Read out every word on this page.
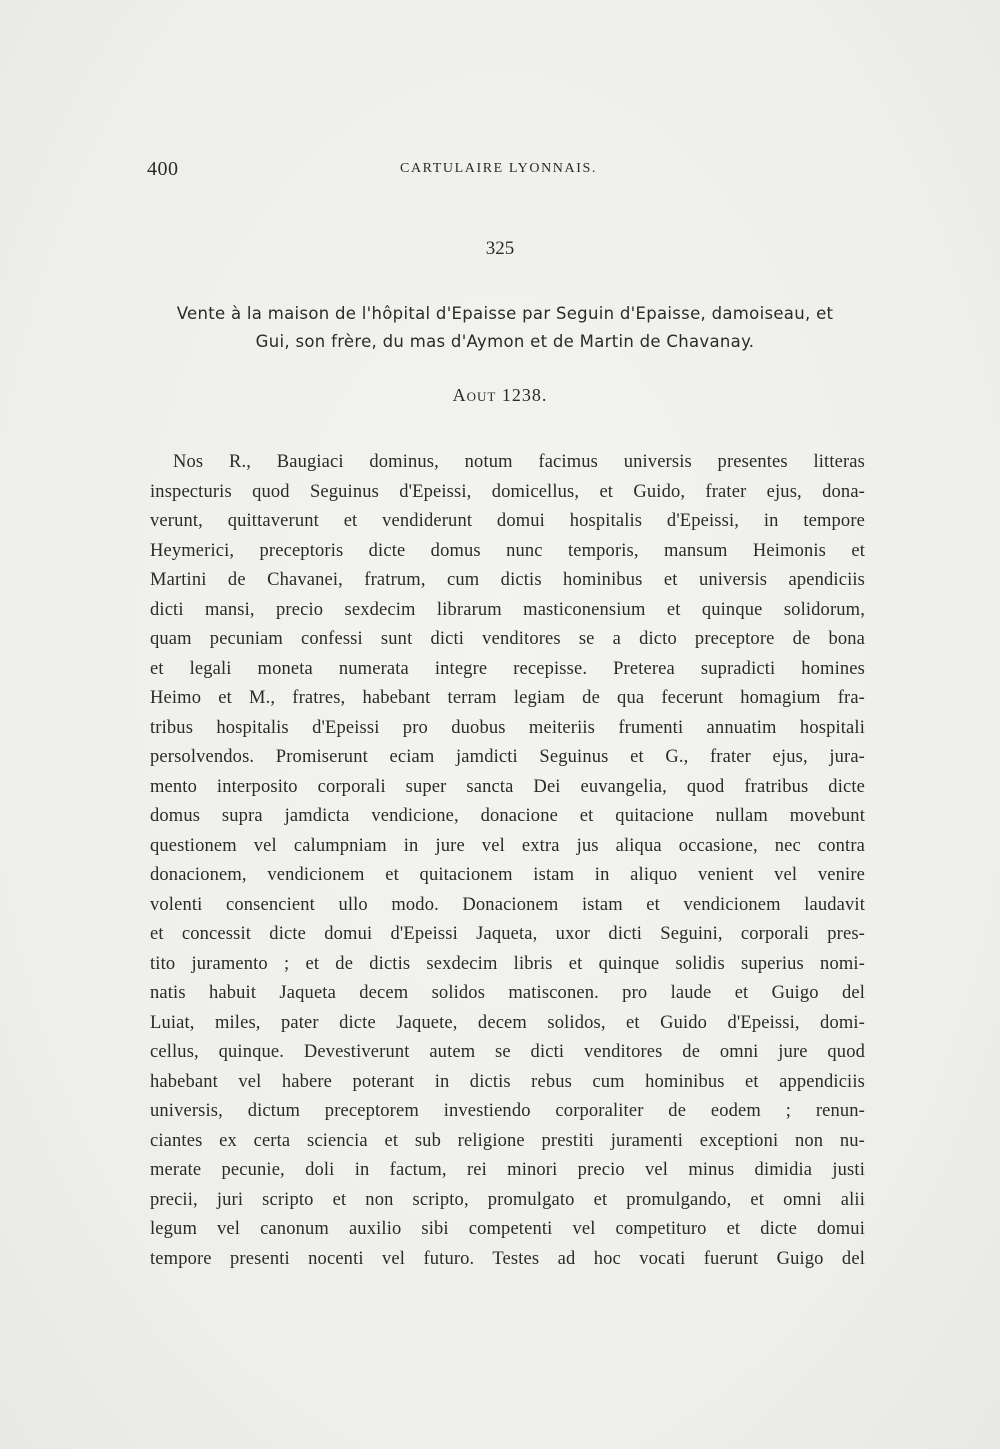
400	CARTULAIRE LYONNAIS.
325
Vente à la maison de l'hôpital d'Epaisse par Seguin d'Epaisse, damoiseau, et
Gui, son frère, du mas d'Aymon et de Martin de Chavanay.
Aout 1238.
Nos R., Baugiaci dominus, notum facimus universis presentes litteras
inspecturis quod Seguinus d'Epeissi, domicellus, et Guido, frater ejus, dona-
verunt, quittaverunt et vendiderunt domui hospitalis d'Epeissi, in tempore
Heymerici, preceptoris dicte domus nunc temporis, mansum Heimonis et
Martini de Chavanei, fratrum, cum dictis hominibus et universis apendiciis
dicti mansi, precio sexdecim librarum masticonensium et quinque solidorum,
quam pecuniam confessi sunt dicti venditores se a dicto preceptore de bona
et legali moneta numerata integre recepisse. Preterea supradicti homines
Heimo et M., fratres, habebant terram legiam de qua fecerunt homagium fra-
tribus hospitalis d'Epeissi pro duobus meiteriis frumenti annuatim hospitali
persolvendos. Promiserunt eciam jamdicti Seguinus et G., frater ejus, jura-
mento interposito corporali super sancta Dei euvangelia, quod fratribus dicte
domus supra jamdicta vendicione, donacione et quitacione nullam movebunt
questionem vel calumpniam in jure vel extra jus aliqua occasione, nec contra
donacionem, vendicionem et quitacionem istam in aliquo venient vel venire
volenti consencient ullo modo. Donacionem istam et vendicionem laudavit
et concessit dicte domui d'Epeissi Jaqueta, uxor dicti Seguini, corporali pres-
tito juramento ; et de dictis sexdecim libris et quinque solidis superius nomi-
natis habuit Jaqueta decem solidos matisconen. pro laude et Guigo del
Luiat, miles, pater dicte Jaquete, decem solidos, et Guido d'Epeissi, domi-
cellus, quinque. Devestiverunt autem se dicti venditores de omni jure quod
habebant vel habere poterant in dictis rebus cum hominibus et appendiciis
universis, dictum preceptorem investiendo corporaliter de eodem ; renun-
ciantes ex certa sciencia et sub religione prestiti juramenti exceptioni non nu-
merate pecunie, doli in factum, rei minori precio vel minus dimidia justi
precii, juri scripto et non scripto, promulgato et promulgando, et omni alii
legum vel canonum auxilio sibi competenti vel competituro et dicte domui
tempore presenti nocenti vel futuro. Testes ad hoc vocati fuerunt Guigo del
